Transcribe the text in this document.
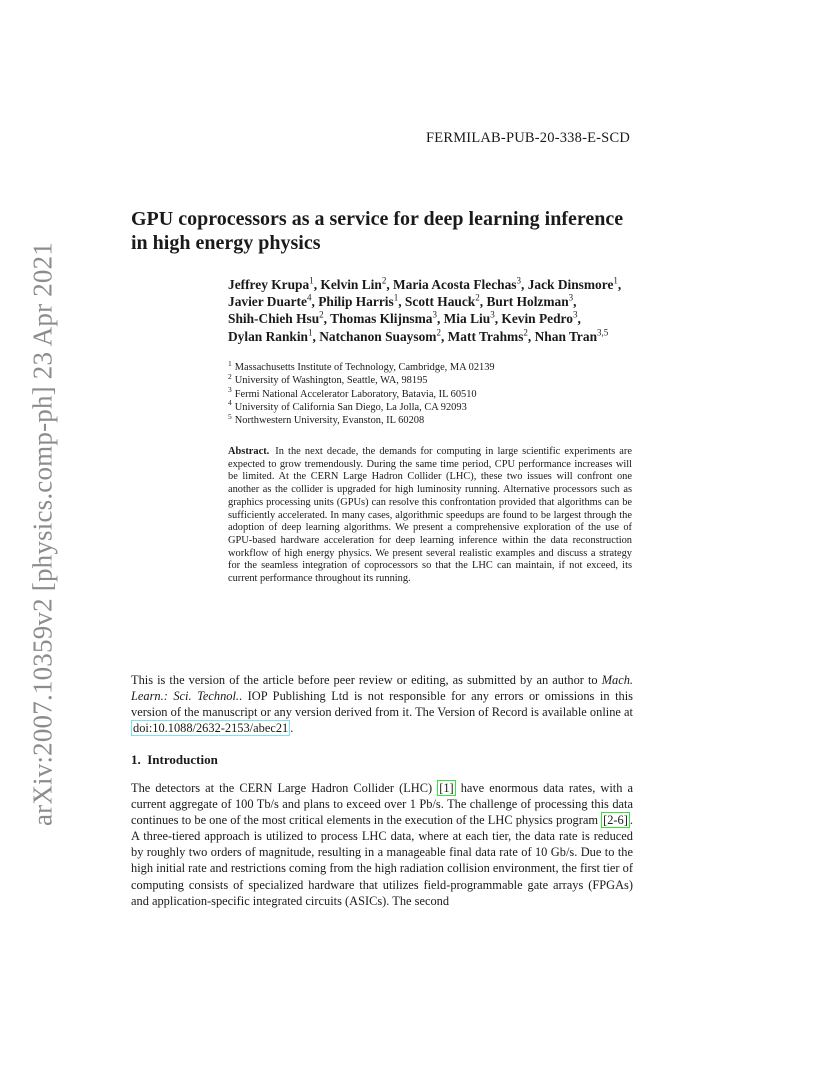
arXiv:2007.10359v2 [physics.comp-ph] 23 Apr 2021
FERMILAB-PUB-20-338-E-SCD
GPU coprocessors as a service for deep learning inference in high energy physics

Jeffrey Krupa$^1$, Kelvin Lin$^2$, Maria Acosta Flechas$^3$, Jack Dinsmore$^1$, Javier Duarte$^4$, Philip Harris$^1$, Scott Hauck$^2$, Burt Holzman$^3$, Shih-Chieh Hsu$^2$, Thomas Klijnsma$^3$, Mia Liu$^3$, Kevin Pedro$^3$, Dylan Rankin$^1$, Natchanon Suaysom$^2$, Matt Trahms$^2$, Nhan Tran$^{3,5}$

$^1$ Massachusetts Institute of Technology, Cambridge, MA 02139
$^2$ University of Washington, Seattle, WA, 98195
$^3$ Fermi National Accelerator Laboratory, Batavia, IL 60510
$^4$ University of California San Diego, La Jolla, CA 92093
$^5$ Northwestern University, Evanston, IL 60208

Abstract. In the next decade, the demands for computing in large scientific experiments are expected to grow tremendously. During the same time period, CPU performance increases will be limited. At the CERN Large Hadron Collider (LHC), these two issues will confront one another as the collider is upgraded for high luminosity running. Alternative processors such as graphics processing units (GPUs) can resolve this confrontation provided that algorithms can be sufficiently accelerated. In many cases, algorithmic speedups are found to be largest through the adoption of deep learning algorithms. We present a comprehensive exploration of the use of GPU-based hardware acceleration for deep learning inference within the data reconstruction workflow of high energy physics. We present several realistic examples and discuss a strategy for the seamless integration of coprocessors so that the LHC can maintain, if not exceed, its current performance throughout its running.

This is the version of the article before peer review or editing, as submitted by an author to Mach. Learn.: Sci. Technol.. IOP Publishing Ltd is not responsible for any errors or omissions in this version of the manuscript or any version derived from it. The Version of Record is available online at doi:10.1088/2632-2153/abec21 .

1. Introduction

The detectors at the CERN Large Hadron Collider (LHC) [1] have enormous data rates, with a current aggregate of 100 Tb/s and plans to exceed over 1 Pb/s. The challenge of processing this data continues to be one of the most critical elements in the execution of the LHC physics program [2-6] . A three-tiered approach is utilized to process LHC data, where at each tier, the data rate is reduced by roughly two orders of magnitude, resulting in a manageable final data rate of 10 Gb/s. Due to the high initial rate and restrictions coming from the high radiation collision environment, the first tier of computing consists of specialized hardware that utilizes field-programmable gate arrays (FPGAs) and application-specific integrated circuits (ASICs). The second
